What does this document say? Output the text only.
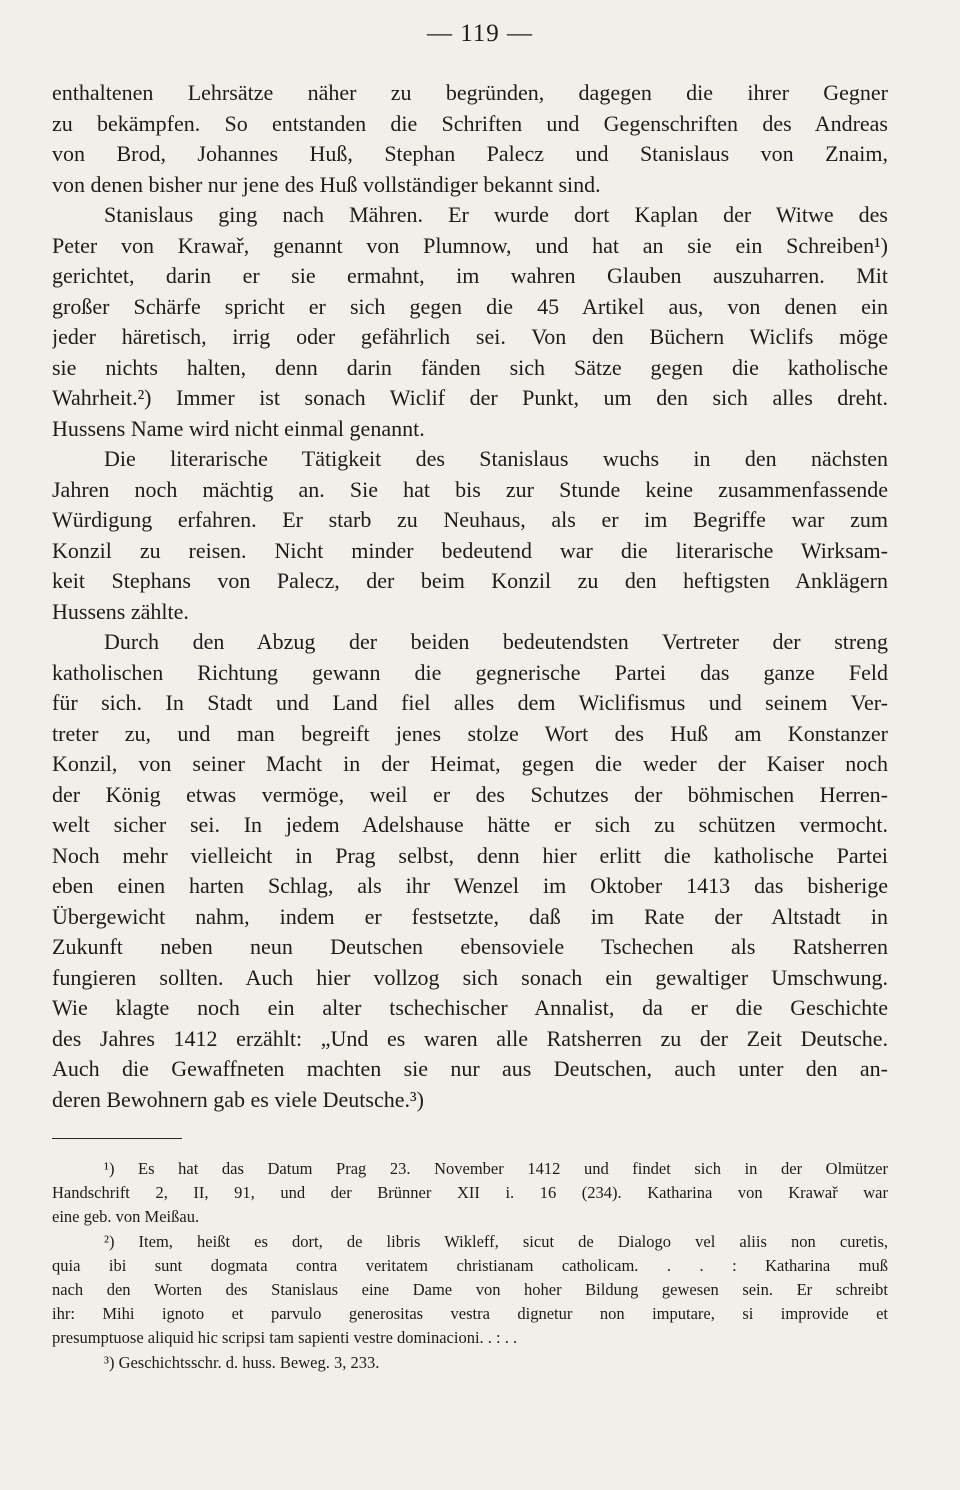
— 119 —
enthaltenen Lehrsätze näher zu begründen, dagegen die ihrer Gegner
zu bekämpfen. So entstanden die Schriften und Gegenschriften des Andreas
von Brod, Johannes Huß, Stephan Palecz und Stanislaus von Znaim,
von denen bisher nur jene des Huß vollständiger bekannt sind.
Stanislaus ging nach Mähren. Er wurde dort Kaplan der Witwe des
Peter von Krawař, genannt von Plumnow, und hat an sie ein Schreiben¹)
gerichtet, darin er sie ermahnt, im wahren Glauben auszuharren. Mit
großer Schärfe spricht er sich gegen die 45 Artikel aus, von denen ein
jeder häretisch, irrig oder gefährlich sei. Von den Büchern Wiclifs möge
sie nichts halten, denn darin fänden sich Sätze gegen die katholische
Wahrheit.²) Immer ist sonach Wiclif der Punkt, um den sich alles dreht.
Hussens Name wird nicht einmal genannt.
Die literarische Tätigkeit des Stanislaus wuchs in den nächsten
Jahren noch mächtig an. Sie hat bis zur Stunde keine zusammenfassende
Würdigung erfahren. Er starb zu Neuhaus, als er im Begriffe war zum
Konzil zu reisen. Nicht minder bedeutend war die literarische Wirksam-
keit Stephans von Palecz, der beim Konzil zu den heftigsten Anklägern
Hussens zählte.
Durch den Abzug der beiden bedeutendsten Vertreter der streng
katholischen Richtung gewann die gegnerische Partei das ganze Feld
für sich. In Stadt und Land fiel alles dem Wiclifismus und seinem Ver-
treter zu, und man begreift jenes stolze Wort des Huß am Konstanzer
Konzil, von seiner Macht in der Heimat, gegen die weder der Kaiser noch
der König etwas vermöge, weil er des Schutzes der böhmischen Herren-
welt sicher sei. In jedem Adelshause hätte er sich zu schützen vermocht.
Noch mehr vielleicht in Prag selbst, denn hier erlitt die katholische Partei
eben einen harten Schlag, als ihr Wenzel im Oktober 1413 das bisherige
Übergewicht nahm, indem er festsetzte, daß im Rate der Altstadt in
Zukunft neben neun Deutschen ebensoviele Tschechen als Ratsherren
fungieren sollten. Auch hier vollzog sich sonach ein gewaltiger Umschwung.
Wie klagte noch ein alter tschechischer Annalist, da er die Geschichte
des Jahres 1412 erzählt: „Und es waren alle Ratsherren zu der Zeit Deutsche.
Auch die Gewaffneten machten sie nur aus Deutschen, auch unter den an-
deren Bewohnern gab es viele Deutsche.³)
¹) Es hat das Datum Prag 23. November 1412 und findet sich in der Olmützer
Handschrift 2, II, 91, und der Brünner XII i. 16 (234). Katharina von Krawař war
eine geb. von Meißau.
²) Item, heißt es dort, de libris Wikleff, sicut de Dialogo vel aliis non curetis,
quia ibi sunt dogmata contra veritatem christianam catholicam. . . : Katharina muß
nach den Worten des Stanislaus eine Dame von hoher Bildung gewesen sein. Er schreibt
ihr: Mihi ignoto et parvulo generositas vestra dignetur non imputare, si improvide et
presumptuose aliquid hic scripsi tam sapienti vestre dominacioni. . : . .
³) Geschichtsschr. d. huss. Beweg. 3, 233.
